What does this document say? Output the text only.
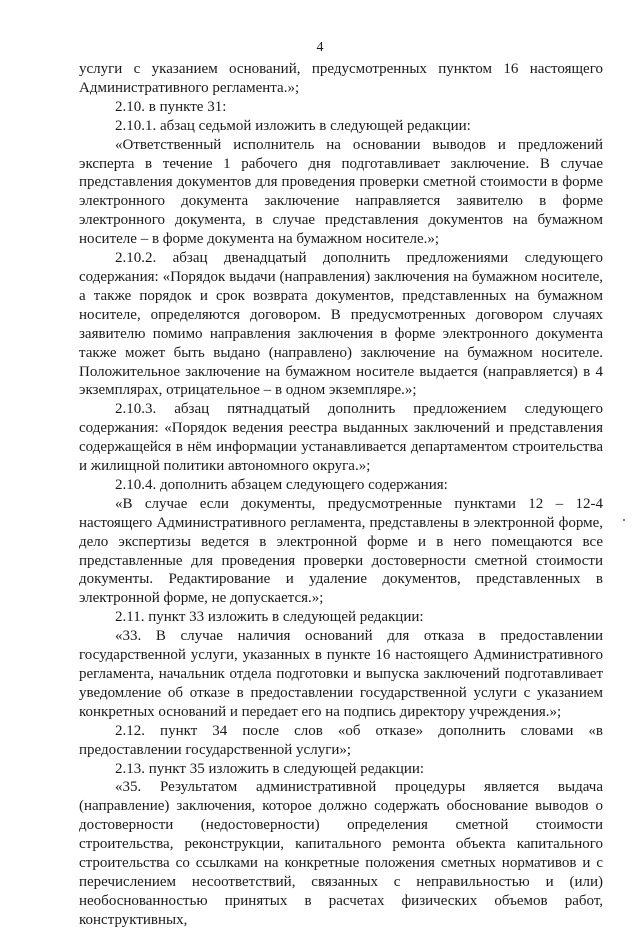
4

услуги с указанием оснований, предусмотренных пунктом 16 настоящего Административного регламента.»;

2.10. в пункте 31:

2.10.1. абзац седьмой изложить в следующей редакции:

«Ответственный исполнитель на основании выводов и предложений эксперта в течение 1 рабочего дня подготавливает заключение. В случае представления документов для проведения проверки сметной стоимости в форме электронного документа заключение направляется заявителю в форме электронного документа, в случае представления документов на бумажном носителе – в форме документа на бумажном носителе.»;

2.10.2. абзац двенадцатый дополнить предложениями следующего содержания: «Порядок выдачи (направления) заключения на бумажном носителе, а также порядок и срок возврата документов, представленных на бумажном носителе, определяются договором. В предусмотренных договором случаях заявителю помимо направления заключения в форме электронного документа также может быть выдано (направлено) заключение на бумажном носителе. Положительное заключение на бумажном носителе выдается (направляется) в 4 экземплярах, отрицательное – в одном экземпляре.»;

2.10.3. абзац пятнадцатый дополнить предложением следующего содержания: «Порядок ведения реестра выданных заключений и представления содержащейся в нём информации устанавливается департаментом строительства и жилищной политики автономного округа.»;

2.10.4. дополнить абзацем следующего содержания:

«В случае если документы, предусмотренные пунктами 12 – 12-4 настоящего Административного регламента, представлены в электронной форме, дело экспертизы ведется в электронной форме и в него помещаются все представленные для проведения проверки достоверности сметной стоимости документы. Редактирование и удаление документов, представленных в электронной форме, не допускается.»;

2.11. пункт 33 изложить в следующей редакции:

«33. В случае наличия оснований для отказа в предоставлении государственной услуги, указанных в пункте 16 настоящего Административного регламента, начальник отдела подготовки и выпуска заключений подготавливает уведомление об отказе в предоставлении государственной услуги с указанием конкретных оснований и передает его на подпись директору учреждения.»;

2.12. пункт 34 после слов «об отказе» дополнить словами «в предоставлении государственной услуги»;

2.13. пункт 35 изложить в следующей редакции:

«35. Результатом административной процедуры является выдача (направление) заключения, которое должно содержать обоснование выводов о достоверности (недостоверности) определения сметной стоимости строительства, реконструкции, капитального ремонта объекта капитального строительства со ссылками на конкретные положения сметных нормативов и с перечислением несоответствий, связанных с неправильностью и (или) необоснованностью принятых в расчетах физических объемов работ, конструктивных,
